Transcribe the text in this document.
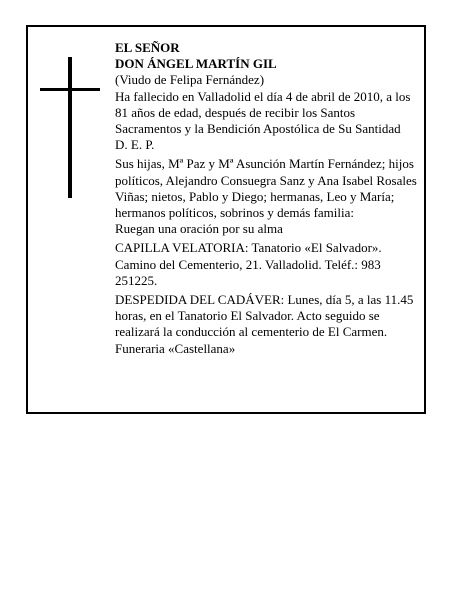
EL SEÑOR
DON ÁNGEL MARTÍN GIL
(Viudo de Felipa Fernández)

Ha fallecido en Valladolid el día 4 de abril de 2010, a los 81 años de edad, después de recibir los Santos Sacramentos y la Bendición Apostólica de Su Santidad

D. E. P.

Sus hijas, Mª Paz y Mª Asunción Martín Fernández; hijos políticos, Alejandro Consuegra Sanz y Ana Isabel Rosales Viñas; nietos, Pablo y Diego; hermanas, Leo y María; hermanos políticos, sobrinos y demás familia:

Ruegan una oración por su alma

CAPILLA VELATORIA: Tanatorio «El Salvador». Camino del Cementerio, 21. Valladolid. Teléf.: 983 251225.

DESPEDIDA DEL CADÁVER: Lunes, día 5, a las 11.45 horas, en el Tanatorio El Salvador. Acto seguido se realizará la conducción al cementerio de El Carmen.

Funeraria «Castellana»
